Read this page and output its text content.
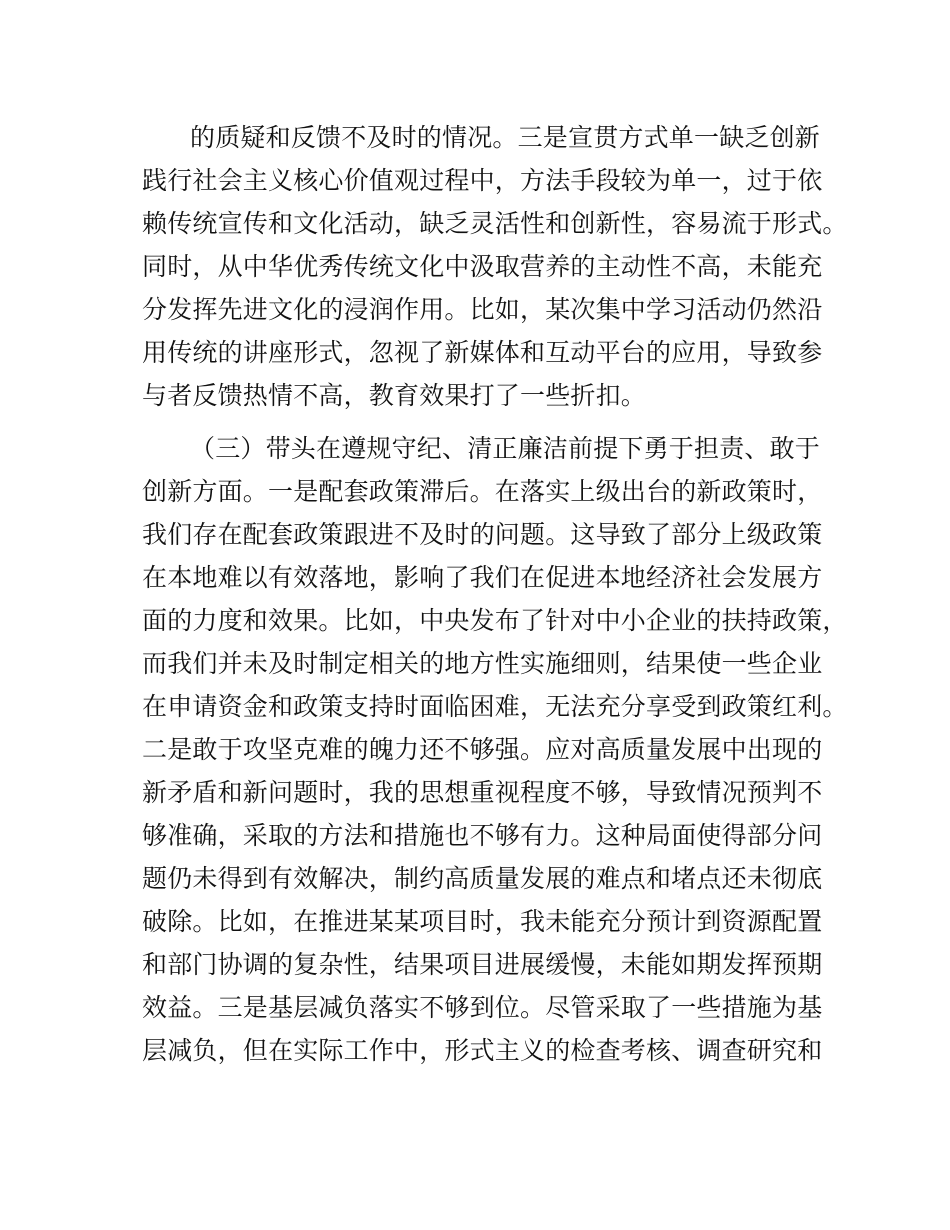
的质疑和反馈不及时的情况。三是宣贯方式单一缺乏创新
践行社会主义核心价值观过程中，方法手段较为单一，过于依
赖传统宣传和文化活动，缺乏灵活性和创新性，容易流于形式。
同时，从中华优秀传统文化中汲取营养的主动性不高，未能充
分发挥先进文化的浸润作用。比如，某次集中学习活动仍然沿
用传统的讲座形式，忽视了新媒体和互动平台的应用，导致参
与者反馈热情不高，教育效果打了一些折扣。
（三）带头在遵规守纪、清正廉洁前提下勇于担责、敢于
创新方面。一是配套政策滞后。在落实上级出台的新政策时，
我们存在配套政策跟进不及时的问题。这导致了部分上级政策
在本地难以有效落地，影响了我们在促进本地经济社会发展方
面的力度和效果。比如，中央发布了针对中小企业的扶持政策，
而我们并未及时制定相关的地方性实施细则，结果使一些企业
在申请资金和政策支持时面临困难，无法充分享受到政策红利。
二是敢于攻坚克难的魄力还不够强。应对高质量发展中出现的
新矛盾和新问题时，我的思想重视程度不够，导致情况预判不
够准确，采取的方法和措施也不够有力。这种局面使得部分问
题仍未得到有效解决，制约高质量发展的难点和堵点还未彻底
破除。比如，在推进某某项目时，我未能充分预计到资源配置
和部门协调的复杂性，结果项目进展缓慢，未能如期发挥预期
效益。三是基层减负落实不够到位。尽管采取了一些措施为基
层减负，但在实际工作中，形式主义的检查考核、调查研究和
